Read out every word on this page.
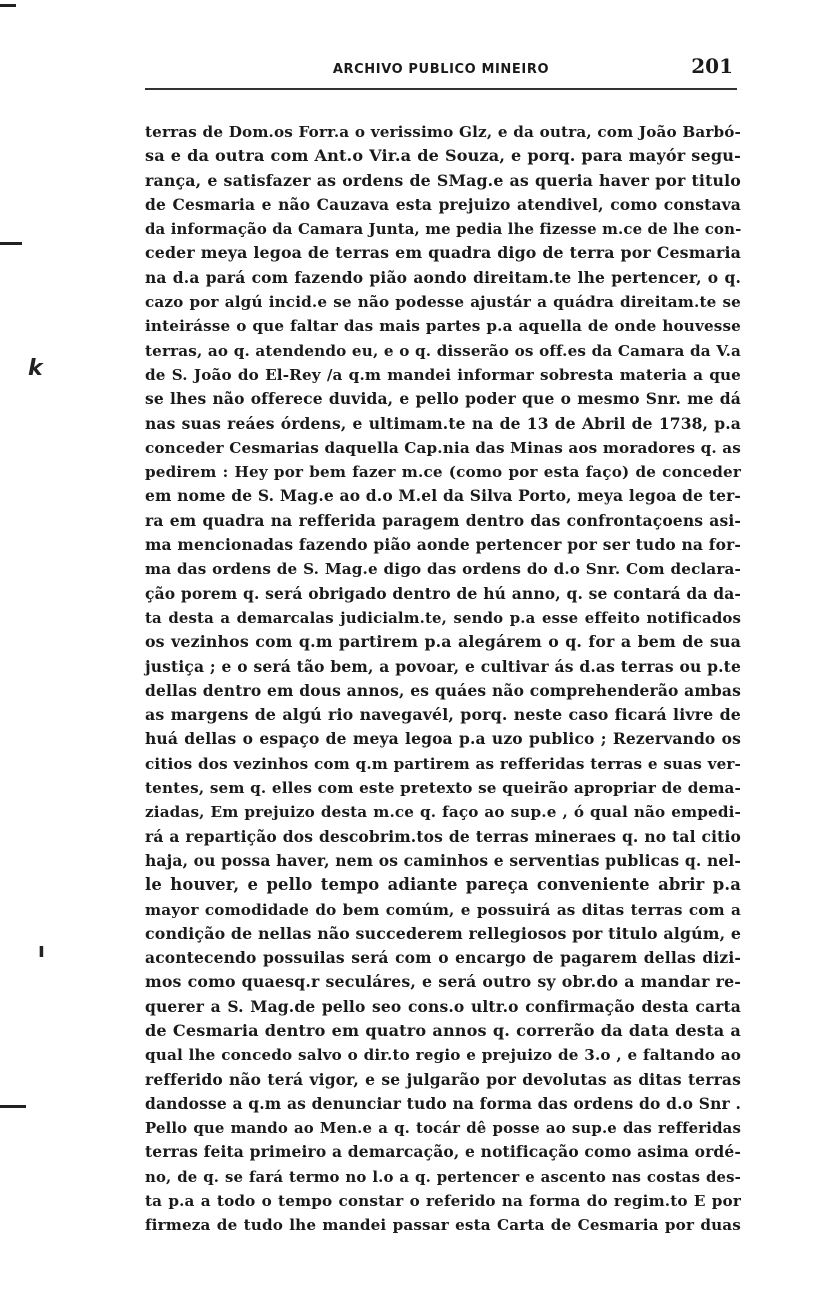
k
ı
ARCHIVO PUBLICO MINEIRO	201
terras de Dom.os Forr.a o verissimo Glz, e da outra, com João Barbó-
sa e da outra com Ant.o Vir.a de Souza, e porq. para mayór segu-
rança, e satisfazer as ordens de SMag.e as queria haver por titulo
de Cesmaria e não Cauzava esta prejuizo atendivel, como constava
da informação da Camara Junta, me pedia lhe fizesse m.ce de lhe con-
ceder meya legoa de terras em quadra digo de terra por Cesmaria
na d.a pará com fazendo pião aondo direitam.te lhe pertencer, o q.
cazo por algú incid.e se não podesse ajustár a quádra direitam.te se
inteirásse o que faltar das mais partes p.a aquella de onde houvesse
terras, ao q. atendendo eu, e o q. disserão os off.es da Camara da V.a
de S. João do El-Rey /a q.m mandei informar sobresta materia a que
se lhes não offerece duvida, e pello poder que o mesmo Snr. me dá
nas suas reáes órdens, e ultimam.te na de 13 de Abril de 1738, p.a
conceder Cesmarias daquella Cap.nia das Minas aos moradores q. as
pedirem : Hey por bem fazer m.ce (como por esta faço) de conceder
em nome de S. Mag.e ao d.o M.el da Silva Porto, meya legoa de ter-
ra em quadra na refferida paragem dentro das confrontaçoens asi-
ma mencionadas fazendo pião aonde pertencer por ser tudo na for-
ma das ordens de S. Mag.e digo das ordens do d.o Snr. Com declara-
ção porem q. será obrigado dentro de hú anno, q. se contará da da-
ta desta a demarcalas judicialm.te, sendo p.a esse effeito notificados
os vezinhos com q.m partirem p.a alegárem o q. for a bem de sua
justiça ; e o será tão bem, a povoar, e cultivar ás d.as terras ou p.te
dellas dentro em dous annos, es quáes não comprehenderão ambas
as margens de algú rio navegavél, porq. neste caso ficará livre de
huá dellas o espaço de meya legoa p.a uzo publico ; Rezervando os
citios dos vezinhos com q.m partirem as refferidas terras e suas ver-
tentes, sem q. elles com este pretexto se queirão apropriar de dema-
ziadas, Em prejuizo desta m.ce q. faço ao sup.e , ó qual não empedi-
rá a repartição dos descobrim.tos de terras mineraes q. no tal citio
haja, ou possa haver, nem os caminhos e serventias publicas q. nel-
le houver, e pello tempo adiante pareça conveniente abrir p.a
mayor comodidade do bem comúm, e possuirá as ditas terras com a
condição de nellas não succederem rellegiosos por titulo algúm, e
acontecendo possuilas será com o encargo de pagarem dellas dizi-
mos como quaesq.r seculáres, e será outro sy obr.do a mandar re-
querer a S. Mag.de pello seo cons.o ultr.o confirmação desta carta
de Cesmaria dentro em quatro annos q. correrão da data desta a
qual lhe concedo salvo o dir.to regio e prejuizo de 3.o , e faltando ao
refferido não terá vigor, e se julgarão por devolutas as ditas terras
dandosse a q.m as denunciar tudo na forma das ordens do d.o Snr .
Pello que mando ao Men.e a q. tocár dê posse ao sup.e das refferidas
terras feita primeiro a demarcação, e notificação como asima ordé-
no, de q. se fará termo no l.o a q. pertencer e ascento nas costas des-
ta p.a a todo o tempo constar o referido na forma do regim.to E por
firmeza de tudo lhe mandei passar esta Carta de Cesmaria por duas
